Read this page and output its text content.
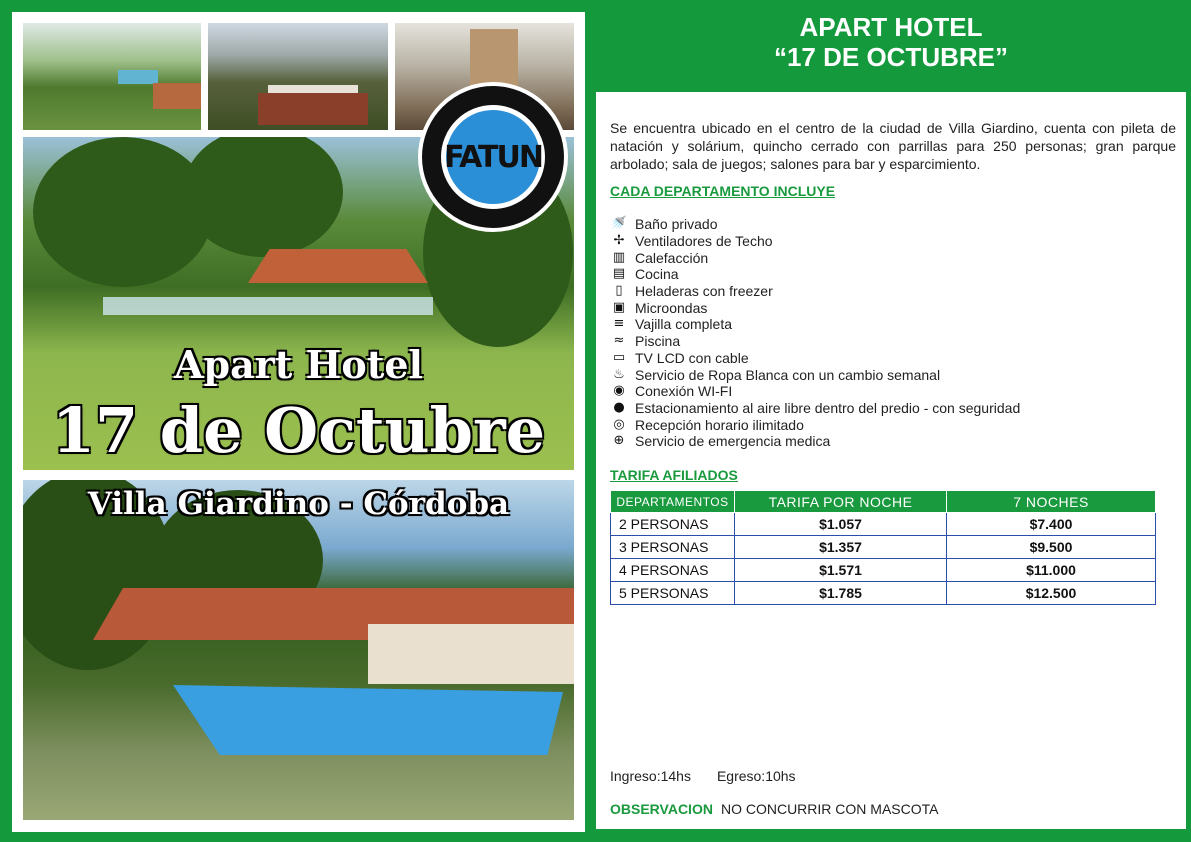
FATUN
Apart Hotel
17 de Octubre
Villa Giardino - Córdoba
APART HOTEL
“17 DE OCTUBRE”

Se encuentra ubicado en el centro de la ciudad de Villa Giardino, cuenta con pileta de natación y solárium, quincho cerrado con parrillas para 250 personas; gran parque arbolado; sala de juegos; salones para bar y esparcimiento.

CADA DEPARTAMENTO INCLUYE
🚿 Baño privado
✢ Ventiladores de Techo
▥ Calefacción
▤ Cocina
▯ Heladeras con freezer
▣ Microondas
≡ Vajilla completa
≈ Piscina
▭ TV LCD con cable
♨ Servicio de Ropa Blanca con un cambio semanal
◉ Conexión WI-FI
● Estacionamiento al aire libre dentro del predio - con seguridad
◎ Recepción horario ilimitado
⊕ Servicio de emergencia medica
TARIFA AFILIADOS
DEPARTAMENTOS	TARIFA POR NOCHE	7 NOCHES
2 PERSONAS	$1.057	$7.400
3 PERSONAS	$1.357	$9.500
4 PERSONAS	$1.571	$11.000
5 PERSONAS	$1.785	$12.500
Ingreso:14hs Egreso:10hs
OBSERVACION NO CONCURRIR CON MASCOTA
